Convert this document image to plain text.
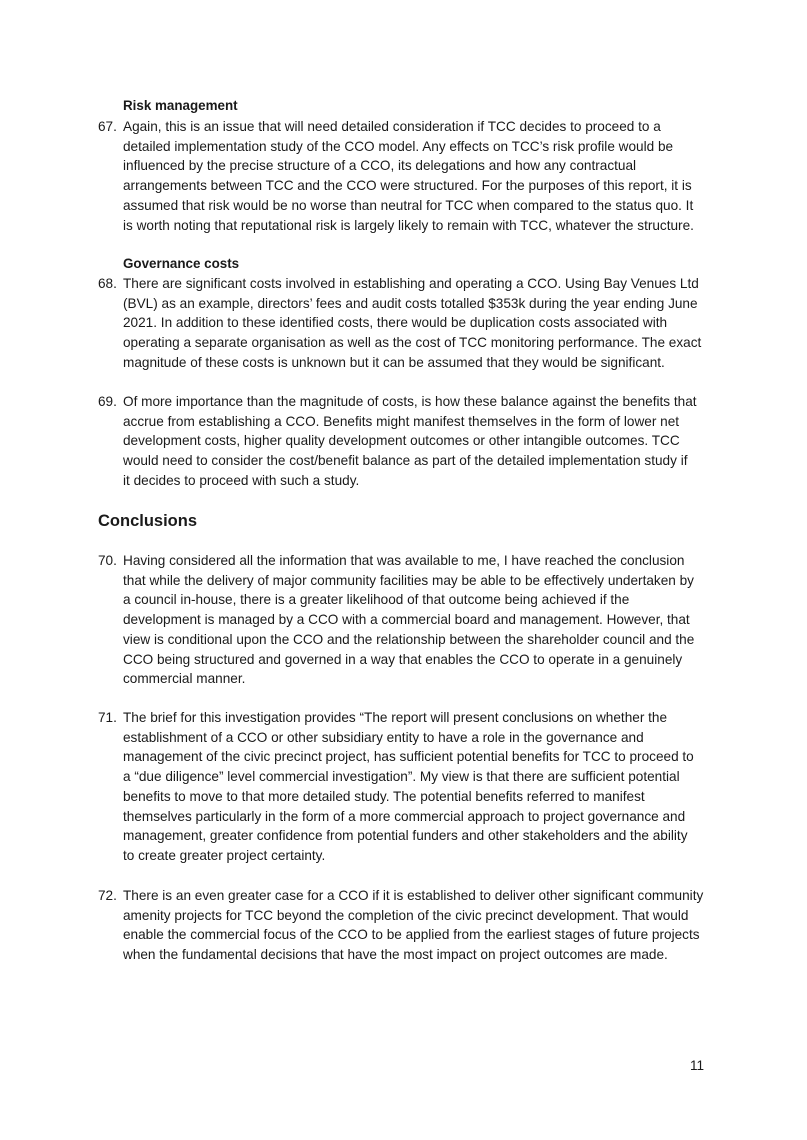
Risk management
67. Again, this is an issue that will need detailed consideration if TCC decides to proceed to a
detailed implementation study of the CCO model. Any effects on TCC’s risk profile would be
influenced by the precise structure of a CCO, its delegations and how any contractual
arrangements between TCC and the CCO were structured. For the purposes of this report, it is
assumed that risk would be no worse than neutral for TCC when compared to the status quo. It
is worth noting that reputational risk is largely likely to remain with TCC, whatever the structure.
Governance costs
68. There are significant costs involved in establishing and operating a CCO. Using Bay Venues Ltd
(BVL) as an example, directors’ fees and audit costs totalled $353k during the year ending June
2021. In addition to these identified costs, there would be duplication costs associated with
operating a separate organisation as well as the cost of TCC monitoring performance. The exact
magnitude of these costs is unknown but it can be assumed that they would be significant.
69. Of more importance than the magnitude of costs, is how these balance against the benefits that
accrue from establishing a CCO. Benefits might manifest themselves in the form of lower net
development costs, higher quality development outcomes or other intangible outcomes. TCC
would need to consider the cost/benefit balance as part of the detailed implementation study if
it decides to proceed with such a study.
Conclusions
70. Having considered all the information that was available to me, I have reached the conclusion
that while the delivery of major community facilities may be able to be effectively undertaken by
a council in-house, there is a greater likelihood of that outcome being achieved if the
development is managed by a CCO with a commercial board and management. However, that
view is conditional upon the CCO and the relationship between the shareholder council and the
CCO being structured and governed in a way that enables the CCO to operate in a genuinely
commercial manner.
71. The brief for this investigation provides “The report will present conclusions on whether the
establishment of a CCO or other subsidiary entity to have a role in the governance and
management of the civic precinct project, has sufficient potential benefits for TCC to proceed to
a “due diligence” level commercial investigation”. My view is that there are sufficient potential
benefits to move to that more detailed study. The potential benefits referred to manifest
themselves particularly in the form of a more commercial approach to project governance and
management, greater confidence from potential funders and other stakeholders and the ability
to create greater project certainty.
72. There is an even greater case for a CCO if it is established to deliver other significant community
amenity projects for TCC beyond the completion of the civic precinct development. That would
enable the commercial focus of the CCO to be applied from the earliest stages of future projects
when the fundamental decisions that have the most impact on project outcomes are made.
11
